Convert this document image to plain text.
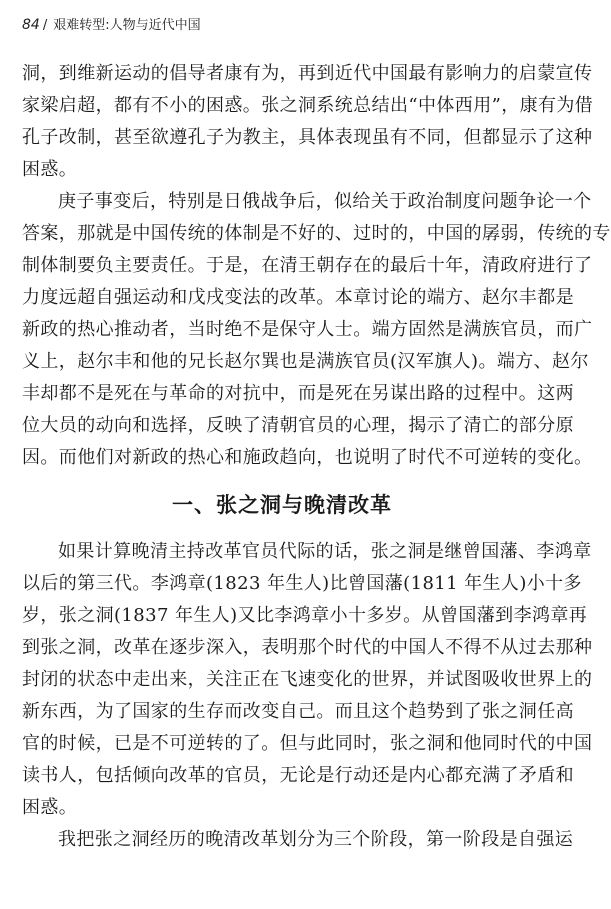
84 / 艰难转型:人物与近代中国
洞，到维新运动的倡导者康有为，再到近代中国最有影响力的启蒙宣传
家梁启超，都有不小的困惑。张之洞系统总结出“中体西用”，康有为借
孔子改制，甚至欲遵孔子为教主，具体表现虽有不同，但都显示了这种
困惑。
庚子事变后，特别是日俄战争后，似给关于政治制度问题争论一个
答案，那就是中国传统的体制是不好的、过时的，中国的孱弱，传统的专
制体制要负主要责任。于是，在清王朝存在的最后十年，清政府进行了
力度远超自强运动和戊戌变法的改革。本章讨论的端方、赵尔丰都是
新政的热心推动者，当时绝不是保守人士。端方固然是满族官员，而广
义上，赵尔丰和他的兄长赵尔巽也是满族官员(汉军旗人)。端方、赵尔
丰却都不是死在与革命的对抗中，而是死在另谋出路的过程中。这两
位大员的动向和选择，反映了清朝官员的心理，揭示了清亡的部分原
因。而他们对新政的热心和施政趋向，也说明了时代不可逆转的变化。
一、张之洞与晚清改革
如果计算晚清主持改革官员代际的话，张之洞是继曾国藩、李鸿章
以后的第三代。李鸿章(1823 年生人)比曾国藩(1811 年生人)小十多
岁，张之洞(1837 年生人)又比李鸿章小十多岁。从曾国藩到李鸿章再
到张之洞，改革在逐步深入，表明那个时代的中国人不得不从过去那种
封闭的状态中走出来，关注正在飞速变化的世界，并试图吸收世界上的
新东西，为了国家的生存而改变自己。而且这个趋势到了张之洞任高
官的时候，已是不可逆转的了。但与此同时，张之洞和他同时代的中国
读书人，包括倾向改革的官员，无论是行动还是内心都充满了矛盾和
困惑。
我把张之洞经历的晚清改革划分为三个阶段，第一阶段是自强运
